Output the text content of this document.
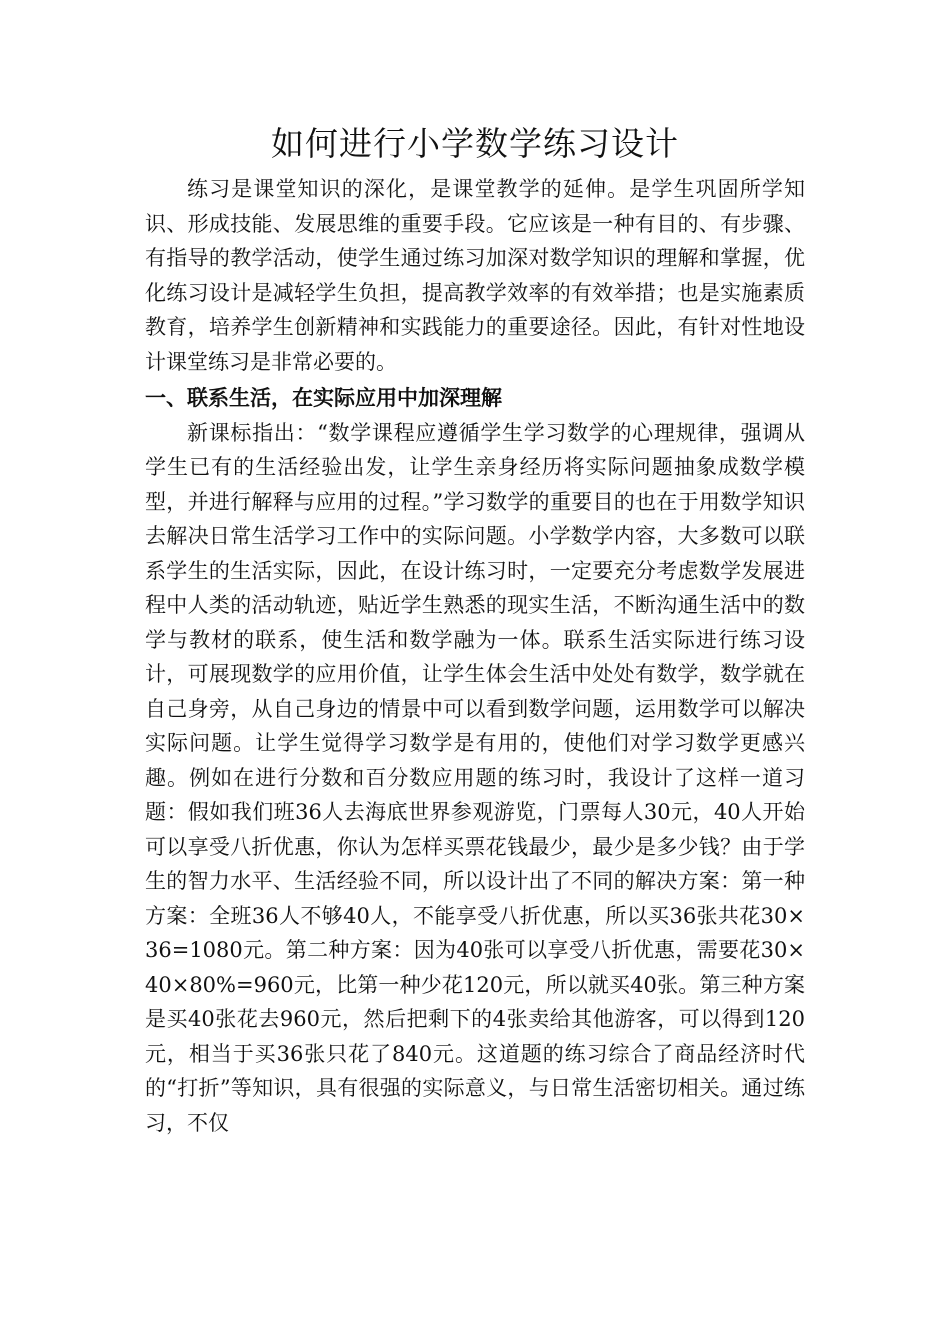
如何进行小学数学练习设计

练习是课堂知识的深化，是课堂教学的延伸。是学生巩固所学知识、形成技能、发展思维的重要手段。它应该是一种有目的、有步骤、有指导的教学活动，使学生通过练习加深对数学知识的理解和掌握，优化练习设计是减轻学生负担，提高教学效率的有效举措；也是实施素质教育，培养学生创新精神和实践能力的重要途径。因此，有针对性地设计课堂练习是非常必要的。

一、联系生活，在实际应用中加深理解

新课标指出：“数学课程应遵循学生学习数学的心理规律，强调从学生已有的生活经验出发，让学生亲身经历将实际问题抽象成数学模型，并进行解释与应用的过程。”学习数学的重要目的也在于用数学知识去解决日常生活学习工作中的实际问题。小学数学内容，大多数可以联系学生的生活实际，因此，在设计练习时，一定要充分考虑数学发展进程中人类的活动轨迹，贴近学生熟悉的现实生活，不断沟通生活中的数学与教材的联系，使生活和数学融为一体。联系生活实际进行练习设计，可展现数学的应用价值，让学生体会生活中处处有数学，数学就在自己身旁，从自己身边的情景中可以看到数学问题，运用数学可以解决实际问题。让学生觉得学习数学是有用的，使他们对学习数学更感兴趣。例如在进行分数和百分数应用题的练习时，我设计了这样一道习题：假如我们班36人去海底世界参观游览，门票每人30元，40人开始可以享受八折优惠，你认为怎样买票花钱最少，最少是多少钱？由于学生的智力水平、生活经验不同，所以设计出了不同的解决方案：第一种方案：全班36人不够40人，不能享受八折优惠，所以买36张共花30×36=1080元。第二种方案：因为40张可以享受八折优惠，需要花30×40×80%=960元，比第一种少花120元，所以就买40张。第三种方案是买40张花去960元，然后把剩下的4张卖给其他游客，可以得到120元，相当于买36张只花了840元。这道题的练习综合了商品经济时代的“打折”等知识，具有很强的实际意义，与日常生活密切相关。通过练习，不仅
